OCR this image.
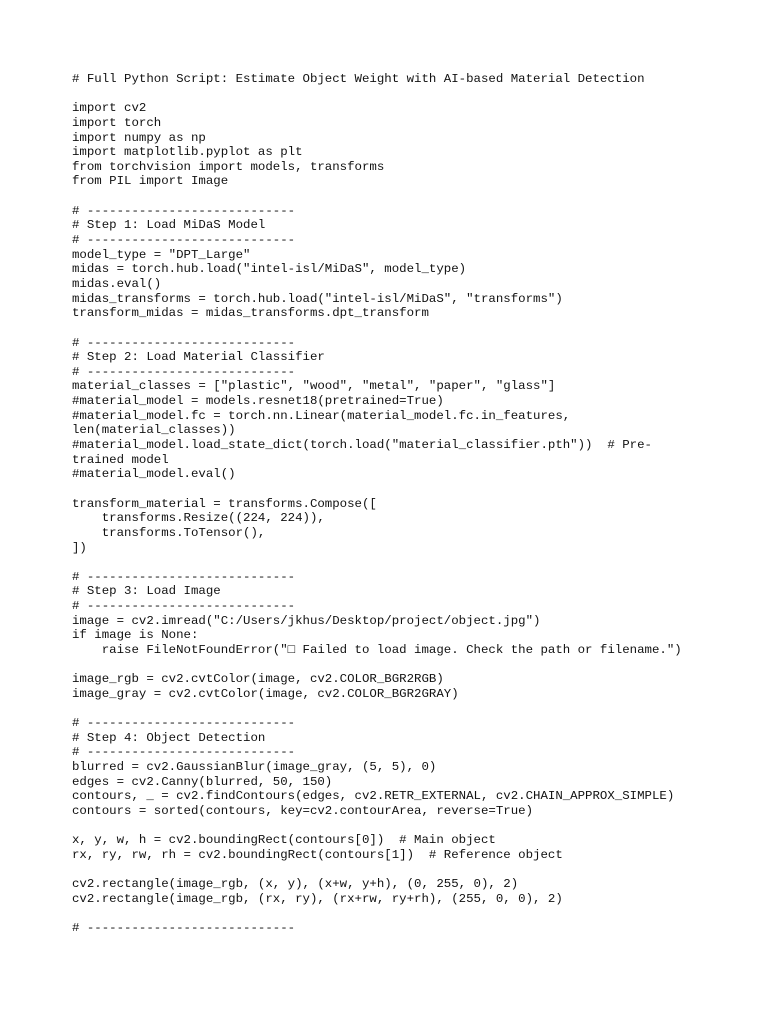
# Full Python Script: Estimate Object Weight with AI-based Material Detection
import cv2
import torch
import numpy as np
import matplotlib.pyplot as plt
from torchvision import models, transforms
from PIL import Image
# ----------------------------
# Step 1: Load MiDaS Model
# ----------------------------
model_type = "DPT_Large"
midas = torch.hub.load("intel-isl/MiDaS", model_type)
midas.eval()
midas_transforms = torch.hub.load("intel-isl/MiDaS", "transforms")
transform_midas = midas_transforms.dpt_transform
# ----------------------------
# Step 2: Load Material Classifier
# ----------------------------
material_classes = ["plastic", "wood", "metal", "paper", "glass"]
#material_model = models.resnet18(pretrained=True)
#material_model.fc = torch.nn.Linear(material_model.fc.in_features,
len(material_classes))
#material_model.load_state_dict(torch.load("material_classifier.pth"))  # Pre-
trained model
#material_model.eval()
transform_material = transforms.Compose([
transforms.Resize((224, 224)),
transforms.ToTensor(),
])
# ----------------------------
# Step 3: Load Image
# ----------------------------
image = cv2.imread("C:/Users/jkhus/Desktop/project/object.jpg")
if image is None:
raise FileNotFoundError("□ Failed to load image. Check the path or filename.")
image_rgb = cv2.cvtColor(image, cv2.COLOR_BGR2RGB)
image_gray = cv2.cvtColor(image, cv2.COLOR_BGR2GRAY)
# ----------------------------
# Step 4: Object Detection
# ----------------------------
blurred = cv2.GaussianBlur(image_gray, (5, 5), 0)
edges = cv2.Canny(blurred, 50, 150)
contours, _ = cv2.findContours(edges, cv2.RETR_EXTERNAL, cv2.CHAIN_APPROX_SIMPLE)
contours = sorted(contours, key=cv2.contourArea, reverse=True)
x, y, w, h = cv2.boundingRect(contours[0])  # Main object
rx, ry, rw, rh = cv2.boundingRect(contours[1])  # Reference object
cv2.rectangle(image_rgb, (x, y), (x+w, y+h), (0, 255, 0), 2)
cv2.rectangle(image_rgb, (rx, ry), (rx+rw, ry+rh), (255, 0, 0), 2)
# ----------------------------
